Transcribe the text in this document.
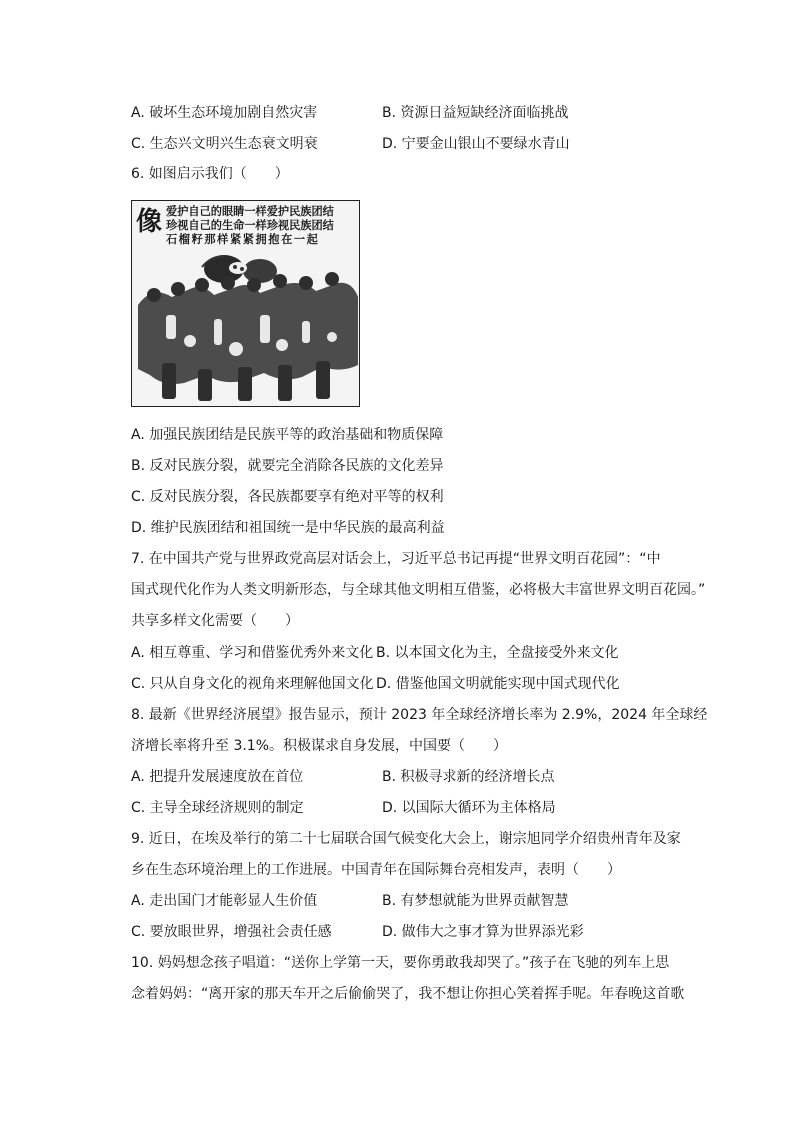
A. 破坏生态环境加剧自然灾害	B. 资源日益短缺经济面临挑战
C. 生态兴文明兴生态衰文明衰	D. 宁要金山银山不要绿水青山
6. 如图启示我们（　　）
像 爱护自己的眼睛一样爱护民族团结
珍视自己的生命一样珍视民族团结
石榴籽那样紧紧拥抱在一起
A. 加强民族团结是民族平等的政治基础和物质保障
B. 反对民族分裂，就要完全消除各民族的文化差异
C. 反对民族分裂，各民族都要享有绝对平等的权利
D. 维护民族团结和祖国统一是中华民族的最高利益
7. 在中国共产党与世界政党高层对话会上，习近平总书记再提“世界文明百花园”：“中
国式现代化作为人类文明新形态，与全球其他文明相互借鉴，必将极大丰富世界文明百花园。”
共享多样文化需要（　　）
A. 相互尊重、学习和借鉴优秀外来文化 B. 以本国文化为主，全盘接受外来文化
C. 只从自身文化的视角来理解他国文化 D. 借鉴他国文明就能实现中国式现代化
8. 最新《世界经济展望》报告显示，预计 2023 年全球经济增长率为 2.9%，2024 年全球经
济增长率将升至 3.1%。积极谋求自身发展，中国要（　　）
A. 把提升发展速度放在首位	B. 积极寻求新的经济增长点
C. 主导全球经济规则的制定	D. 以国际大循环为主体格局
9. 近日，在埃及举行的第二十七届联合国气候变化大会上，谢宗旭同学介绍贵州青年及家
乡在生态环境治理上的工作进展。中国青年在国际舞台亮相发声，表明（　　）
A. 走出国门才能彰显人生价值	B. 有梦想就能为世界贡献智慧
C. 要放眼世界，增强社会责任感	D. 做伟大之事才算为世界添光彩
10. 妈妈想念孩子唱道：“送你上学第一天，要你勇敢我却哭了。”孩子在飞驰的列车上思
念着妈妈：“离开家的那天车开之后偷偷哭了，我不想让你担心笑着挥手呢。年春晚这首歌
